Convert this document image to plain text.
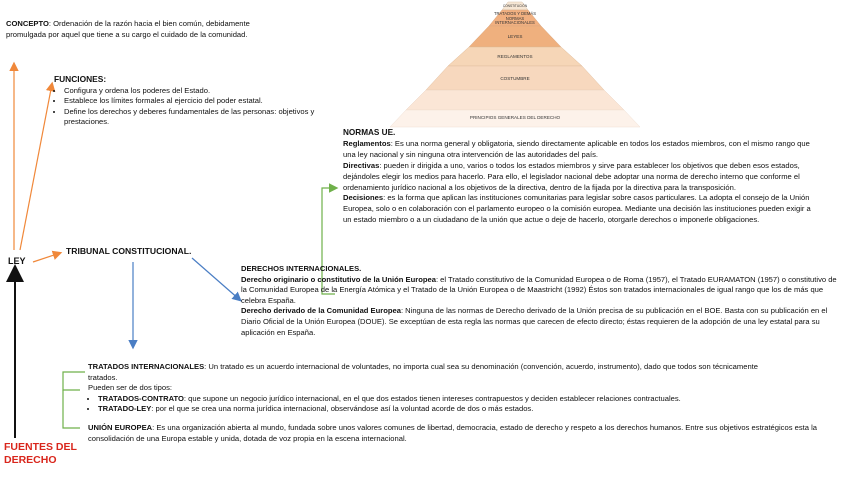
CONSTITUCIÓN
TRATADOS Y DEMÁS NORMAS INTERNACIONALES
LEYES
REGLAMENTOS
COSTUMBRE
PRINCIPIOS GENERALES DEL DERECHO
CONCEPTO: Ordenación de la razón hacia el bien común, debidamente promulgada por aquel que tiene a su cargo el cuidado de la comunidad.
FUNCIONES:
• Configura y ordena los poderes del Estado.
• Establece los límites formales al ejercicio del poder estatal.
• Define los derechos y deberes fundamentales de las personas: objetivos y prestaciones.
LEY
TRIBUNAL CONSTITUCIONAL.
FUENTES DEL DERECHO
NORMAS UE.
Reglamentos: Es una norma general y obligatoria, siendo directamente aplicable en todos los estados miembros, con el mismo rango que una ley nacional y sin ninguna otra intervención de las autoridades del país.
Directivas: pueden ir dirigida a uno, varios o todos los estados miembros y sirve para establecer los objetivos que deben esos estados, dejándoles elegir los medios para hacerlo. Para ello, el legislador nacional debe adoptar una norma de derecho interno que conforme el ordenamiento jurídico nacional a los objetivos de la directiva, dentro de la fijada por la directiva para la transposición.
Decisiones: es la forma que aplican las instituciones comunitarias para legislar sobre casos particulares. La adopta el consejo de la Unión Europea, solo o en colaboración con el parlamento europeo o la comisión europea. Mediante una decisión las instituciones pueden exigir a un estado miembro o a un ciudadano de la unión que actue o deje de hacerlo, otorgarle derechos o imponerle obligaciones.
DERECHOS INTERNACIONALES.
Derecho originario o constitutivo de la Unión Europea: el Tratado constitutivo de la Comunidad Europea o de Roma (1957), el Tratado EURAMATON (1957) o constitutivo de la Comunidad Europea de la Energía Atómica y el Tratado de la Unión Europea o de Maastricht (1992) Éstos son tratados internacionales de igual rango que los de más que celebra España.
Derecho derivado de la Comunidad Europea: Ninguna de las normas de Derecho derivado de la Unión precisa de su publicación en el BOE. Basta con su publicación en el Diario Oficial de la Unión Europea (DOUE). Se exceptúan de esta regla las normas que carecen de efecto directo; éstas requieren de la adopción de una ley estatal para su aplicación en España.
TRATADOS INTERNACIONALES: Un tratado es un acuerdo internacional de voluntades, no importa cual sea su denominación (convención, acuerdo, instrumento), dado que todos son técnicamente tratados.
Pueden ser de dos tipos:
• TRATADOS-CONTRATO: que supone un negocio jurídico internacional, en el que dos estados tienen intereses contrapuestos y deciden establecer relaciones contractuales.
• TRATADO-LEY: por el que se crea una norma jurídica internacional, observándose así la voluntad acorde de dos o más estados.
UNIÓN EUROPEA: Es una organización abierta al mundo, fundada sobre unos valores comunes de libertad, democracia, estado de derecho y respeto a los derechos humanos. Entre sus objetivos estratégicos esta la consolidación de una Europa estable y unida, dotada de voz propia en la escena internacional.
